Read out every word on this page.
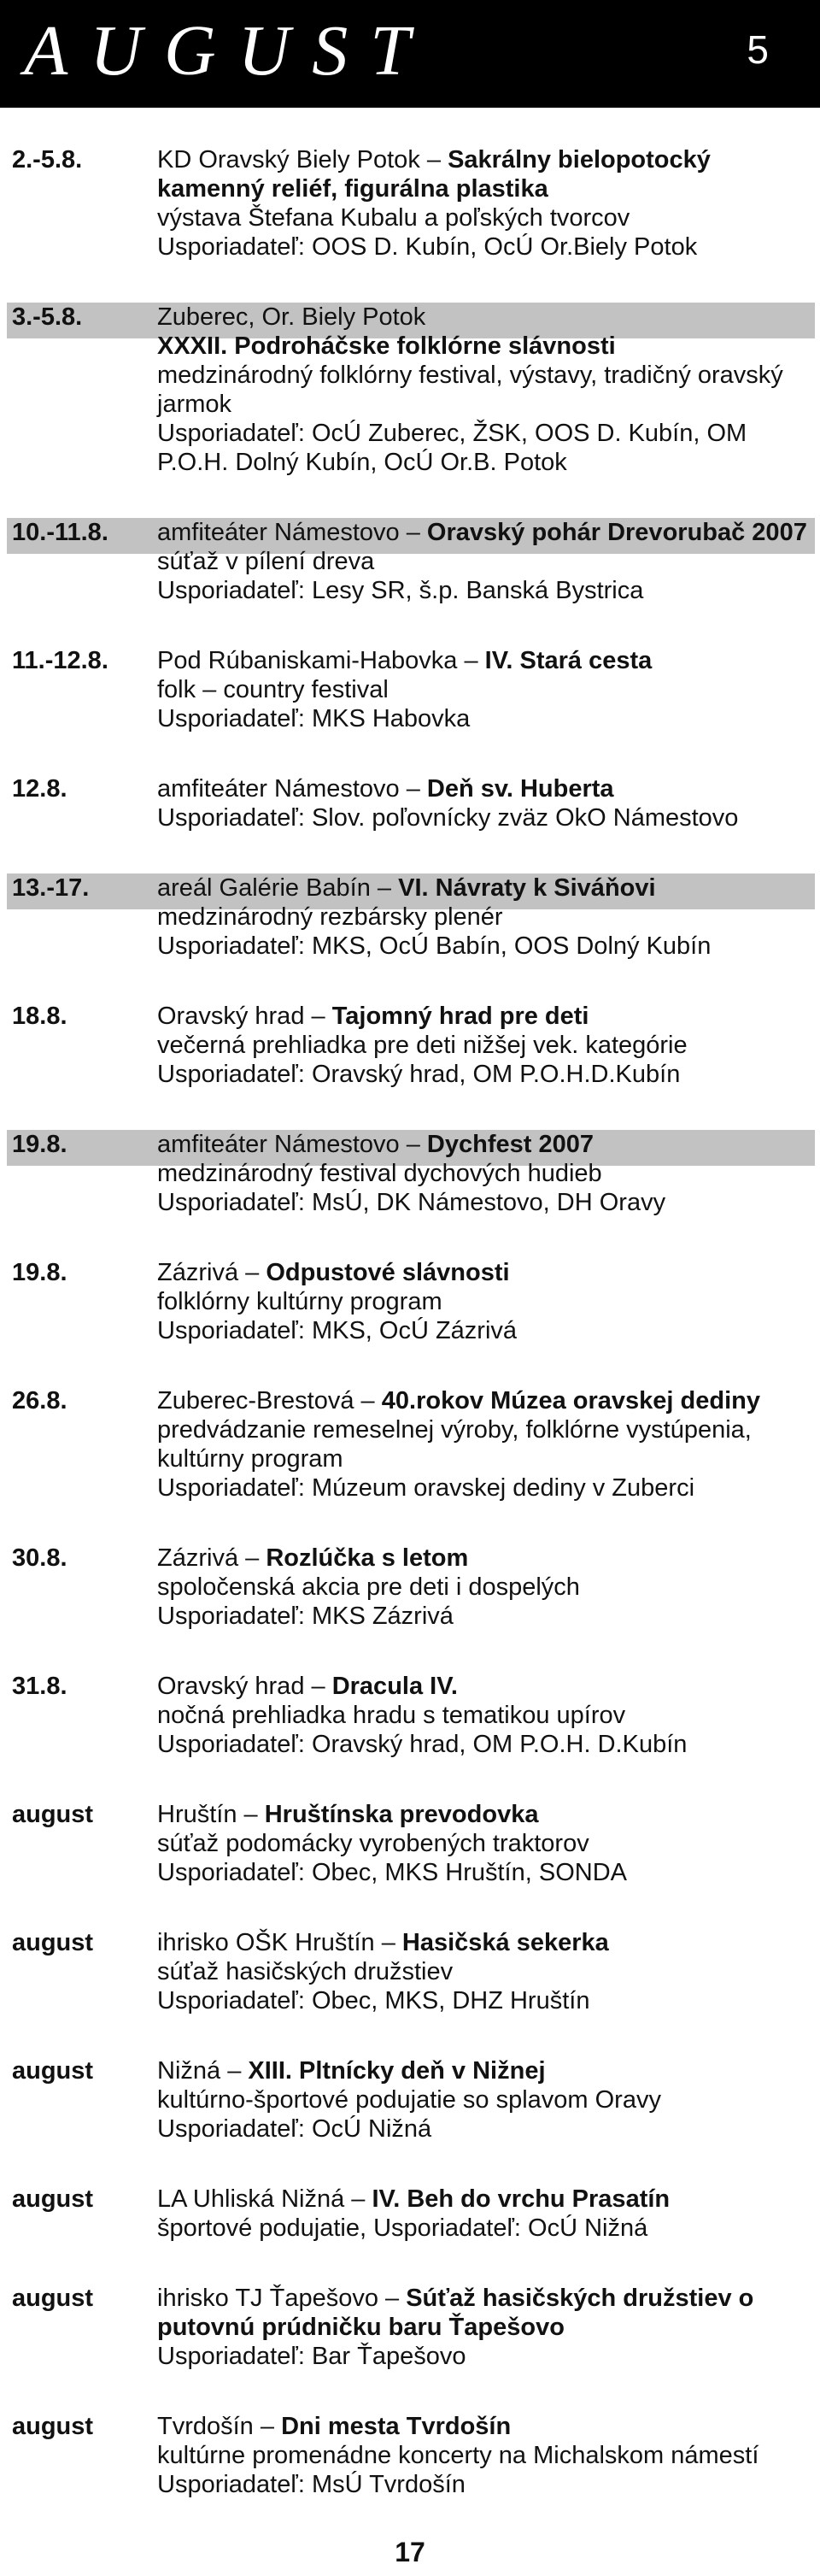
AUGUST	5
2.-5.8.	KD Oravský Biely Potok – Sakrálny bielopotocký kamenný reliéf, figurálna plastika
výstava Štefana Kubalu a poľských tvorcov
Usporiadateľ: OOS D. Kubín, OcÚ Or.Biely Potok
3.-5.8.	Zuberec, Or. Biely Potok
XXXII. Podroháčske folklórne slávnosti
medzinárodný folklórny festival, výstavy, tradičný oravský jarmok
Usporiadateľ: OcÚ Zuberec, ŽSK, OOS D. Kubín, OM P.O.H. Dolný Kubín, OcÚ Or.B. Potok
10.-11.8. amfiteáter Námestovo – Oravský pohár Drevorubač 2007
súťaž v pílení dreva
Usporiadateľ: Lesy SR, š.p. Banská Bystrica
11.-12.8. Pod Rúbaniskami-Habovka – IV. Stará cesta
folk – country festival
Usporiadateľ: MKS Habovka
12.8.	amfiteáter Námestovo – Deň sv. Huberta
Usporiadateľ: Slov. poľovnícky zväz OkO Námestovo
13.-17.	areál Galérie Babín – VI. Návraty k Siváňovi
medzinárodný rezbársky plenér
Usporiadateľ: MKS, OcÚ Babín, OOS Dolný Kubín
18.8.	Oravský hrad – Tajomný hrad pre deti
večerná prehliadka pre deti nižšej vek. kategórie
Usporiadateľ: Oravský hrad, OM P.O.H.D.Kubín
19.8.	amfiteáter Námestovo – Dychfest 2007
medzinárodný festival dychových hudieb
Usporiadateľ: MsÚ, DK Námestovo, DH Oravy
19.8.	Zázrivá – Odpustové slávnosti
folklórny kultúrny program
Usporiadateľ: MKS, OcÚ Zázrivá
26.8.	Zuberec-Brestová – 40.rokov Múzea oravskej dediny
predvádzanie remeselnej výroby, folklórne vystúpenia, kultúrny program
Usporiadateľ: Múzeum oravskej dediny v Zuberci
30.8.	Zázrivá – Rozlúčka s letom
spoločenská akcia pre deti i dospelých
Usporiadateľ: MKS Zázrivá
31.8.	Oravský hrad – Dracula IV.
nočná prehliadka hradu s tematikou upírov
Usporiadateľ: Oravský hrad, OM P.O.H. D.Kubín
august	Hruštín – Hruštínska prevodovka
súťaž podomácky vyrobených traktorov
Usporiadateľ: Obec, MKS Hruštín, SONDA
august	ihrisko OŠK Hruštín – Hasičská sekerka
súťaž hasičských družstiev
Usporiadateľ: Obec, MKS, DHZ Hruštín
august	Nižná – XIII. Pltnícky deň v Nižnej
kultúrno-športové podujatie so splavom Oravy
Usporiadateľ: OcÚ Nižná
august	LA Uhliská Nižná – IV. Beh do vrchu Prasatín
športové podujatie, Usporiadateľ: OcÚ Nižná
august	ihrisko TJ Ťapešovo – Súťaž hasičských družstiev o putovnú prúdničku baru Ťapešovo
Usporiadateľ: Bar Ťapešovo
august	Tvrdošín – Dni mesta Tvrdošín
kultúrne promenádne koncerty na Michalskom námestí
Usporiadateľ: MsÚ Tvrdošín
17
